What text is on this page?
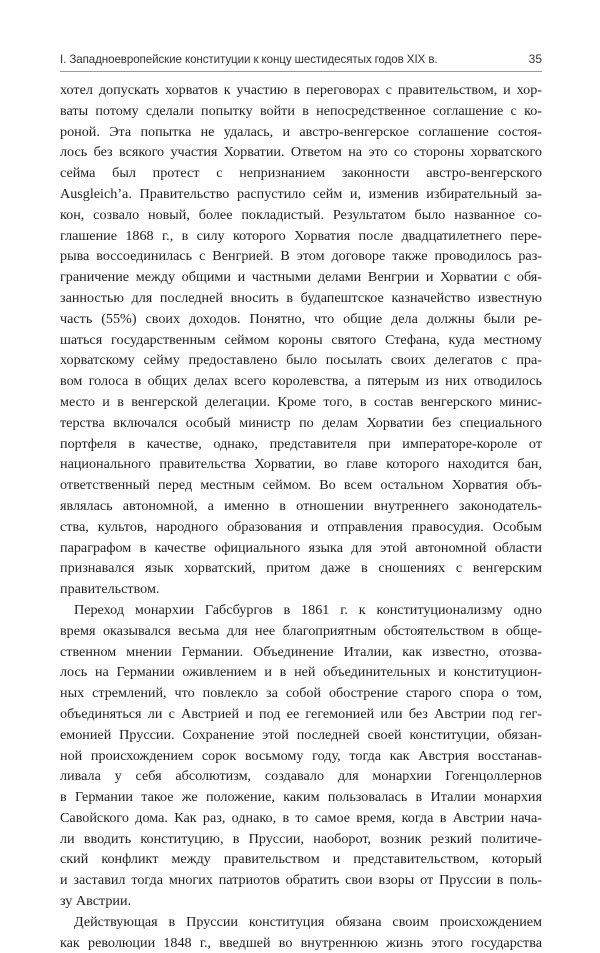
I. Западноевропейские конституции к концу шестидесятых годов XIX в.	35
хотел допускать хорватов к участию в переговорах с правительством, и хор-
ваты потому сделали попытку войти в непосредственное соглашение с ко-
роной. Эта попытка не удалась, и австро-венгерское соглашение состоя-
лось без всякого участия Хорватии. Ответом на это со стороны хорватского
сейма был протест с непризнанием законности австро-венгерского
Ausgleich’a. Правительство распустило сейм и, изменив избирательный за-
кон, созвало новый, более покладистый. Результатом было названное со-
глашение 1868 г., в силу которого Хорватия после двадцатилетнего пере-
рыва воссоединилась с Венгрией. В этом договоре также проводилось раз-
граничение между общими и частными делами Венгрии и Хорватии с обя-
занностью для последней вносить в будапештское казначейство известную
часть (55%) своих доходов. Понятно, что общие дела должны были ре-
шаться государственным сеймом короны святого Стефана, куда местному
хорватскому сейму предоставлено было посылать своих делегатов с пра-
вом голоса в общих делах всего королевства, а пятерым из них отводилось
место и в венгерской делегации. Кроме того, в состав венгерского минис-
терства включался особый министр по делам Хорватии без специального
портфеля в качестве, однако, представителя при императоре-короле от
национального правительства Хорватии, во главе которого находится бан,
ответственный перед местным сеймом. Во всем остальном Хорватия объ-
являлась автономной, а именно в отношении внутреннего законодатель-
ства, культов, народного образования и отправления правосудия. Особым
параграфом в качестве официального языка для этой автономной области
признавался язык хорватский, притом даже в сношениях с венгерским
правительством.
Переход монархии Габсбургов в 1861 г. к конституционализму одно
время оказывался весьма для нее благоприятным обстоятельством в обще-
ственном мнении Германии. Объединение Италии, как известно, отозва-
лось на Германии оживлением и в ней объединительных и конституцион-
ных стремлений, что повлекло за собой обострение старого спора о том,
объединяться ли с Австрией и под ее гегемонией или без Австрии под гег-
емонией Пруссии. Сохранение этой последней своей конституции, обязан-
ной происхождением сорок восьмому году, тогда как Австрия восстанав-
ливала у себя абсолютизм, создавало для монархии Гогенцоллернов
в Германии такое же положение, каким пользовалась в Италии монархия
Савойского дома. Как раз, однако, в то самое время, когда в Австрии нача-
ли вводить конституцию, в Пруссии, наоборот, возник резкий политиче-
ский конфликт между правительством и представительством, который
и заставил тогда многих патриотов обратить свои взоры от Пруссии в поль-
зу Австрии.
Действующая в Пруссии конституция обязана своим происхождением
как революции 1848 г., введшей во внутреннюю жизнь этого государства
